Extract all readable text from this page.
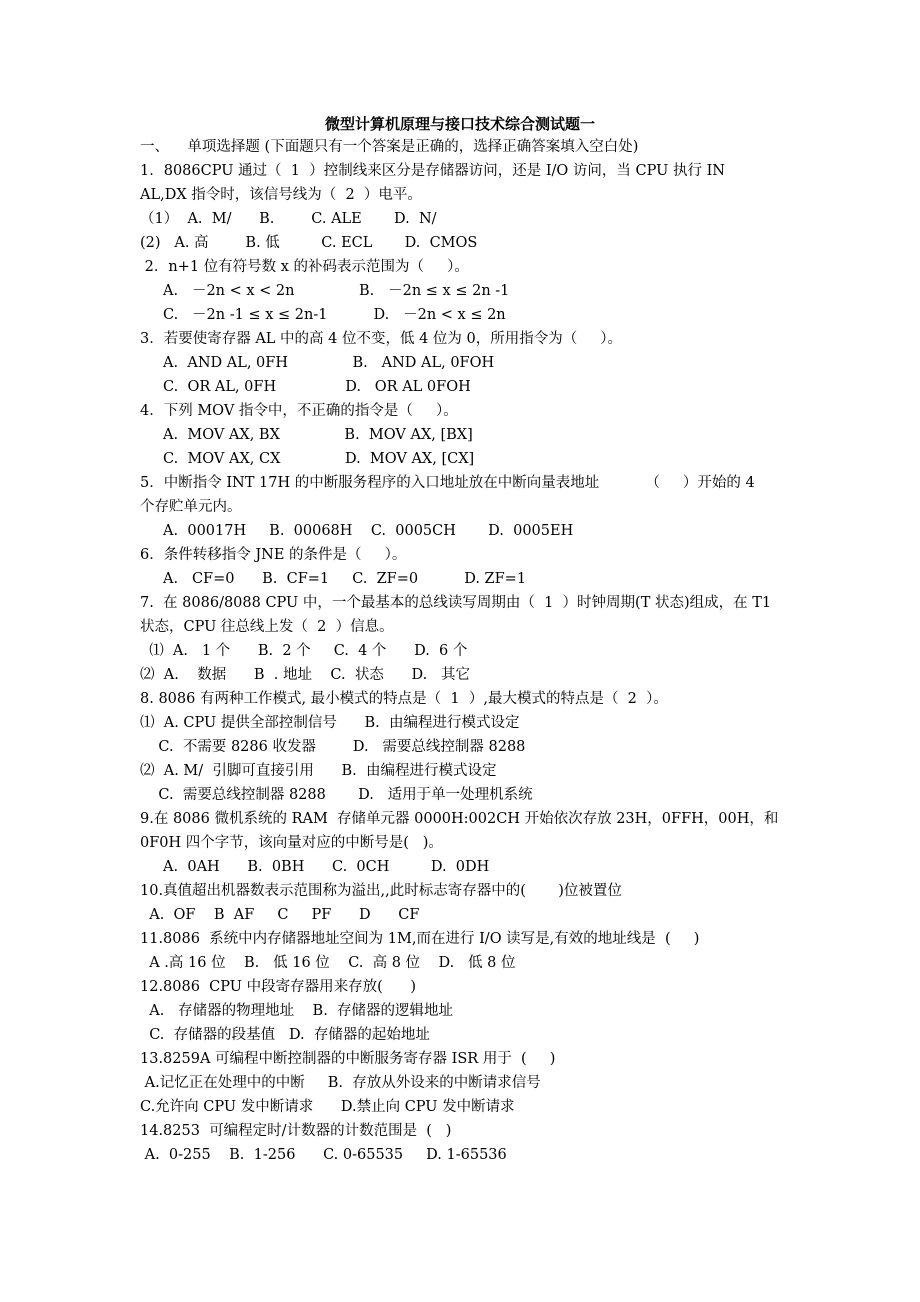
微型计算机原理与接口技术综合测试题一
一、    单项选择题 (下面题只有一个答案是正确的，选择正确答案填入空白处)
1．8086CPU 通过（  1  ）控制线来区分是存储器访问，还是 I/O 访问，当 CPU 执行 IN
AL,DX 指令时，该信号线为（  2  ）电平。
（1）  A.  M/      B.        C. ALE       D.  N/
(2)   A. 高        B. 低         C. ECL       D.  CMOS
2．n+1 位有符号数 x 的补码表示范围为（     ）。
A.   －2n < x < 2n              B.   －2n ≤ x ≤ 2n -1
C.   －2n -1 ≤ x ≤ 2n-1          D.   －2n < x ≤ 2n
3．若要使寄存器 AL 中的高 4 位不变，低 4 位为 0，所用指令为（     ）。
A.  AND AL, 0FH              B.   AND AL, 0FOH
C.  OR AL, 0FH               D.   OR AL 0FOH
4．下列 MOV 指令中，不正确的指令是（     ）。
A.  MOV AX, BX              B.  MOV AX, [BX]
C.  MOV AX, CX              D.  MOV AX, [CX]
5．中断指令 INT 17H 的中断服务程序的入口地址放在中断向量表地址          （     ）开始的 4
个存贮单元内。
A.  00017H     B.  00068H    C.  0005CH       D.  0005EH
6．条件转移指令 JNE 的条件是（     ）。
A.   CF=0      B.  CF=1     C.  ZF=0          D. ZF=1
7.  在 8086/8088 CPU 中，一个最基本的总线读写周期由（  1  ）时钟周期(T 状态)组成，在 T1
状态，CPU 往总线上发（  2  ）信息。
⑴  A.   1 个      B.  2 个     C.  4 个      D.  6 个
⑵  A.    数据      B  . 地址    C.  状态      D.   其它
8. 8086 有两种工作模式, 最小模式的特点是（  1  ）,最大模式的特点是（  2  ）。
⑴  A. CPU 提供全部控制信号      B.  由编程进行模式设定
C.  不需要 8286 收发器        D.   需要总线控制器 8288
⑵  A. M/  引脚可直接引用      B.  由编程进行模式设定
C.  需要总线控制器 8288       D.   适用于单一处理机系统
9.在 8086 微机系统的 RAM  存储单元器 0000H:002CH 开始依次存放 23H，0FFH，00H，和
0F0H 四个字节，该向量对应的中断号是(   )。
A.  0AH      B.  0BH      C.  0CH         D.  0DH
10.真值超出机器数表示范围称为溢出,,此时标志寄存器中的(       )位被置位
A.  OF    B  AF     C     PF      D      CF
11.8086  系统中内存储器地址空间为 1M,而在进行 I/O 读写是,有效的地址线是  (     )
A .高 16 位    B.   低 16 位    C.  高 8 位    D.   低 8 位
12.8086  CPU 中段寄存器用来存放(      )
A.   存储器的物理地址    B.  存储器的逻辑地址
C.  存储器的段基值   D.  存储器的起始地址
13.8259A 可编程中断控制器的中断服务寄存器 ISR 用于  (     )
A.记忆正在处理中的中断     B.  存放从外设来的中断请求信号
C.允许向 CPU 发中断请求      D.禁止向 CPU 发中断请求
14.8253  可编程定时/计数器的计数范围是  (   )
A.  0-255    B.  1-256      C. 0-65535     D. 1-65536
